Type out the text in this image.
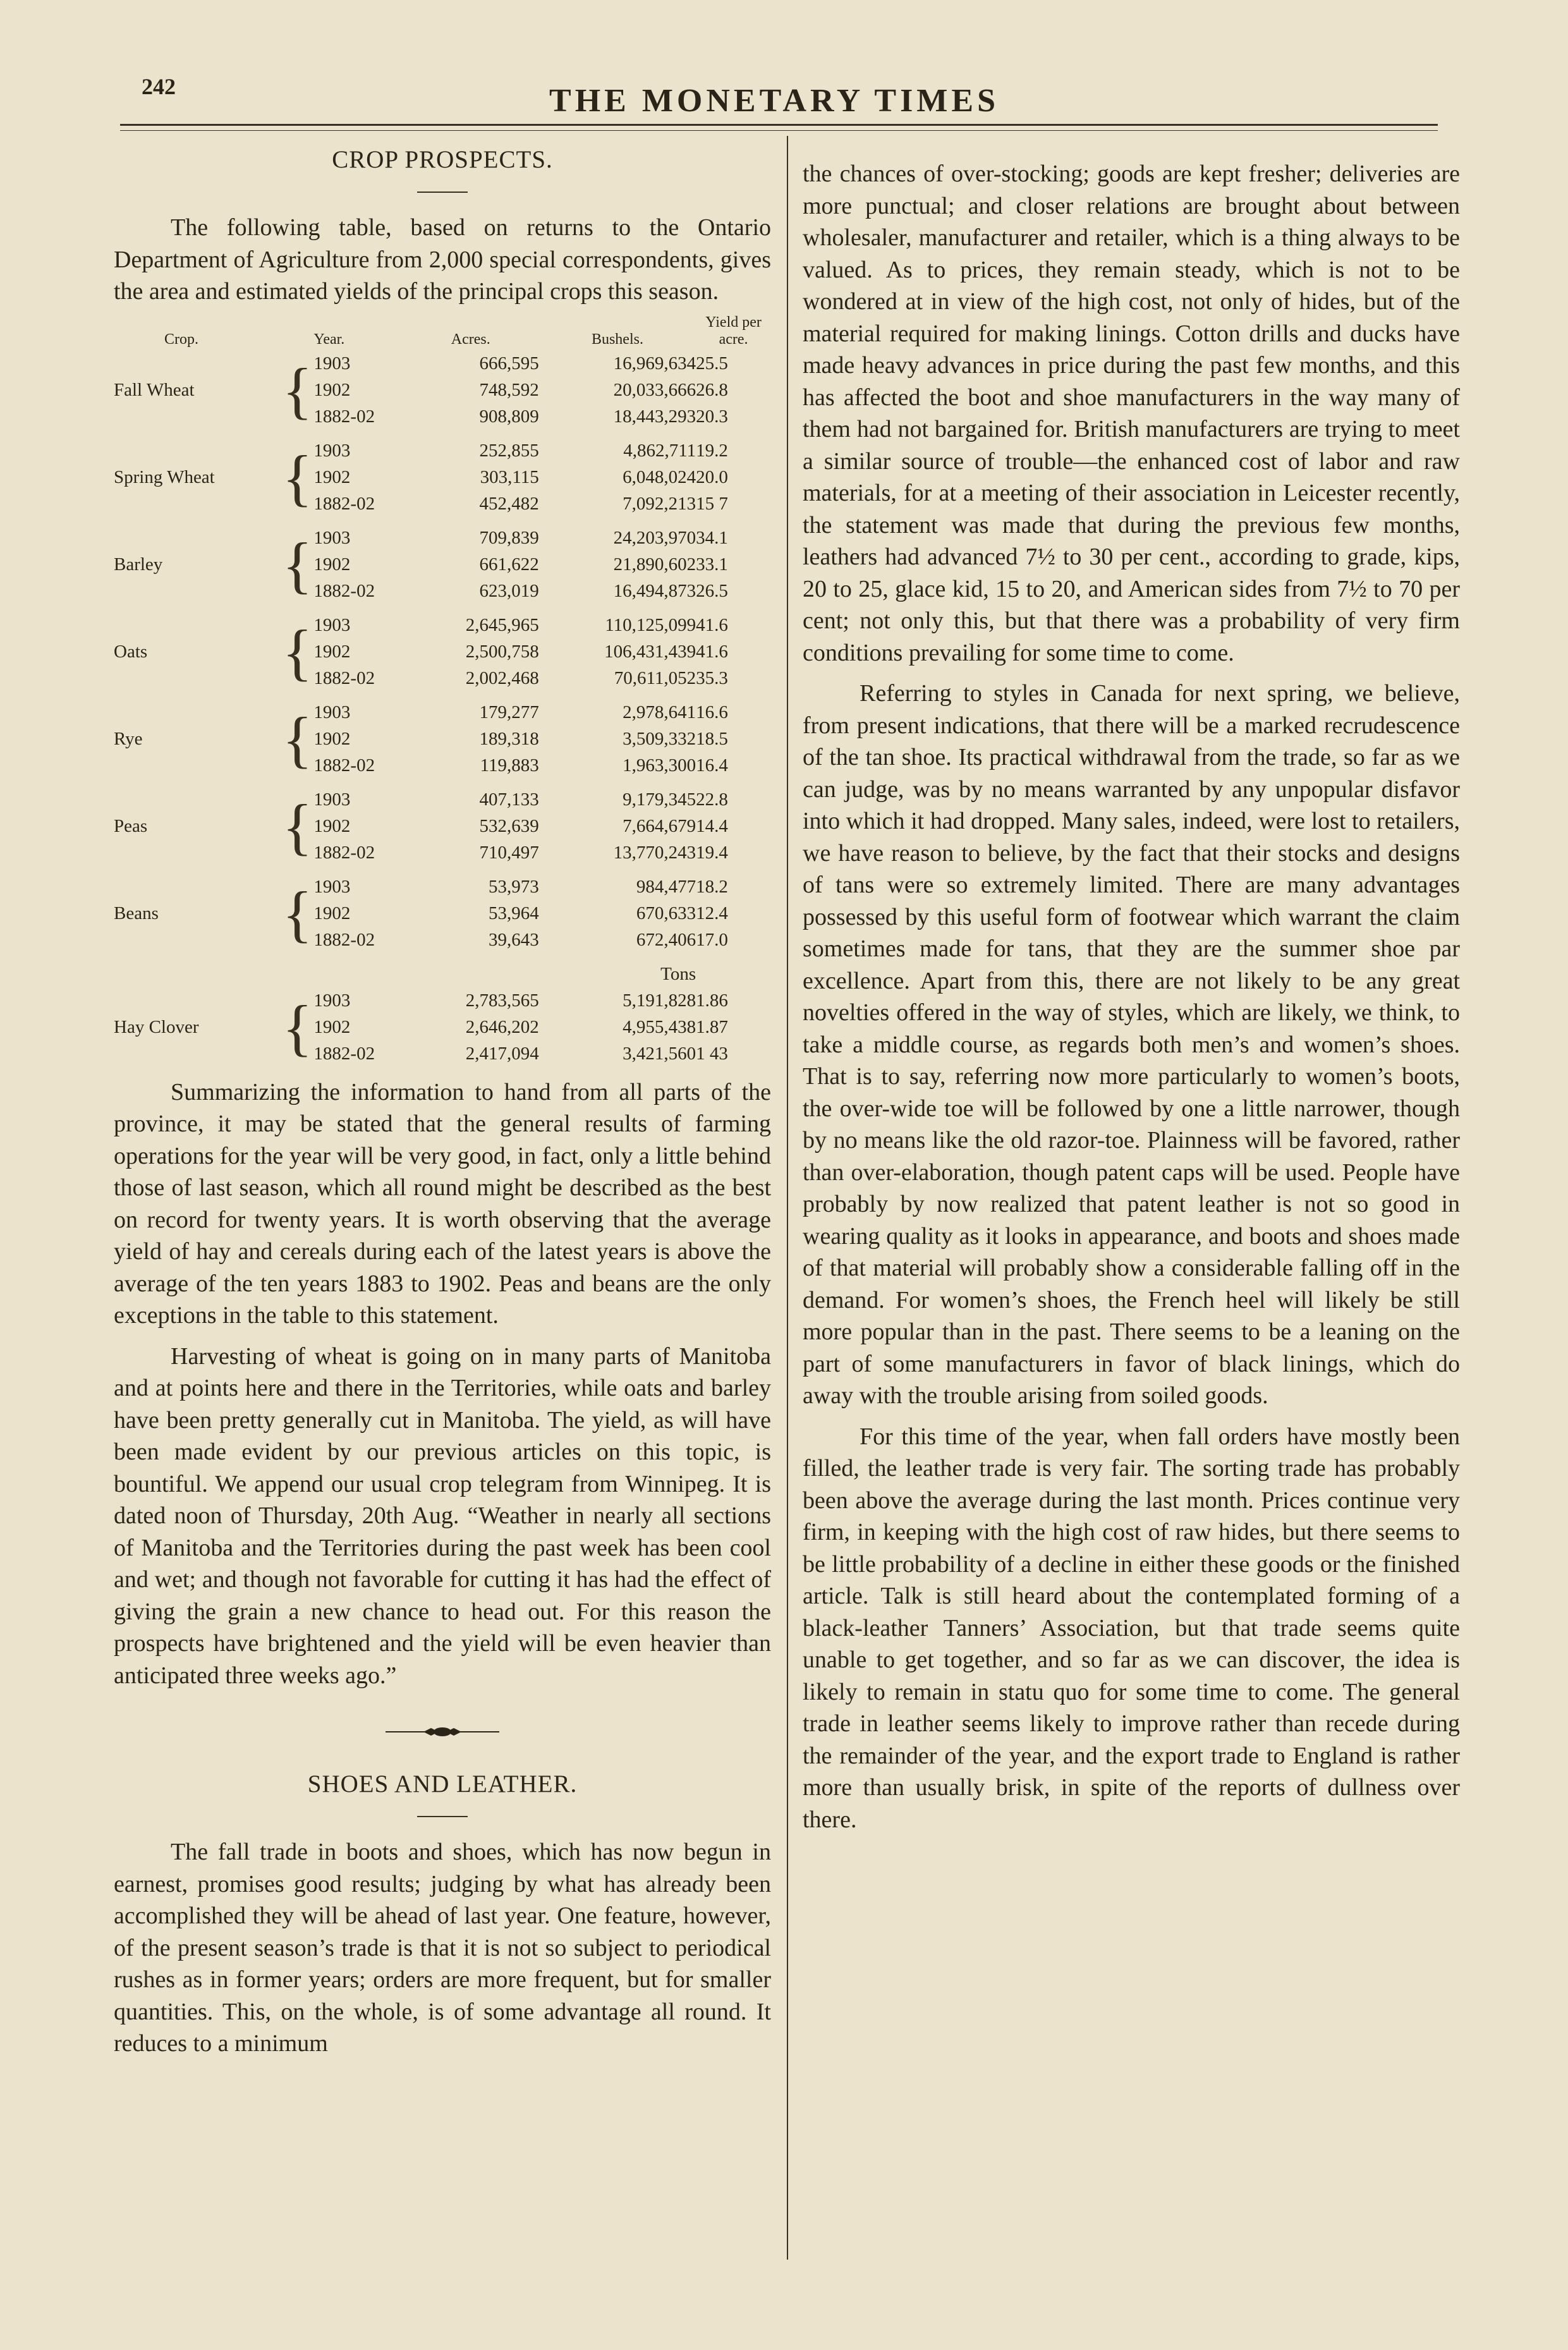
242	THE MONETARY TIMES
CROP PROSPECTS.

The following table, based on returns to the Ontario Department of Agriculture from 2,000 special correspondents, gives the area and estimated yields of the principal crops this season.

Crop.		Year.	Acres.	Bushels.	Yield per acre.
Fall Wheat	{	1903	666,595	16,969,634	25.5
		1902	748,592	20,033,666	26.8
		1882-02	908,809	18,443,293	20.3

Spring Wheat	{	1903	252,855	4,862,711	19.2
		1902	303,115	6,048,024	20.0
		1882-02	452,482	7,092,213	15 7

Barley	{	1903	709,839	24,203,970	34.1
		1902	661,622	21,890,602	33.1
		1882-02	623,019	16,494,873	26.5

Oats	{	1903	2,645,965	110,125,099	41.6
		1902	2,500,758	106,431,439	41.6
		1882-02	2,002,468	70,611,052	35.3

Rye	{	1903	179,277	2,978,641	16.6
		1902	189,318	3,509,332	18.5
		1882-02	119,883	1,963,300	16.4

Peas	{	1903	407,133	9,179,345	22.8
		1902	532,639	7,664,679	14.4
		1882-02	710,497	13,770,243	19.4

Beans	{	1903	53,973	984,477	18.2
		1902	53,964	670,633	12.4
		1882-02	39,643	672,406	17.0

				Tons	
Hay Clover	{	1903	2,783,565	5,191,828	1.86
		1902	2,646,202	4,955,438	1.87
		1882-02	2,417,094	3,421,560	1 43

Summarizing the information to hand from all parts of the province, it may be stated that the general results of farming operations for the year will be very good, in fact, only a little behind those of last season, which all round might be described as the best on record for twenty years. It is worth observing that the average yield of hay and cereals during each of the latest years is above the average of the ten years 1883 to 1902. Peas and beans are the only exceptions in the table to this statement.

Harvesting of wheat is going on in many parts of Manitoba and at points here and there in the Territories, while oats and barley have been pretty generally cut in Manitoba. The yield, as will have been made evident by our previous articles on this topic, is bountiful. We append our usual crop telegram from Winnipeg. It is dated noon of Thursday, 20th Aug. “Weather in nearly all sections of Manitoba and the Territories during the past week has been cool and wet; and though not favorable for cutting it has had the effect of giving the grain a new chance to head out. For this reason the prospects have brightened and the yield will be even heavier than anticipated three weeks ago.”

SHOES AND LEATHER.

The fall trade in boots and shoes, which has now begun in earnest, promises good results; judging by what has already been accomplished they will be ahead of last year. One feature, however, of the present season’s trade is that it is not so subject to periodical rushes as in former years; orders are more frequent, but for smaller quantities. This, on the whole, is of some advantage all round. It reduces to a minimum

the chances of over-stocking; goods are kept fresher; deliveries are more punctual; and closer relations are brought about between wholesaler, manufacturer and retailer, which is a thing always to be valued. As to prices, they remain steady, which is not to be wondered at in view of the high cost, not only of hides, but of the material required for making linings. Cotton drills and ducks have made heavy advances in price during the past few months, and this has affected the boot and shoe manufacturers in the way many of them had not bargained for. British manufacturers are trying to meet a similar source of trouble—the enhanced cost of labor and raw materials, for at a meeting of their association in Leicester recently, the statement was made that during the previous few months, leathers had advanced 7½ to 30 per cent., according to grade, kips, 20 to 25, glace kid, 15 to 20, and American sides from 7½ to 70 per cent; not only this, but that there was a probability of very firm conditions prevailing for some time to come.

Referring to styles in Canada for next spring, we believe, from present indications, that there will be a marked recrudescence of the tan shoe. Its practical withdrawal from the trade, so far as we can judge, was by no means warranted by any unpopular disfavor into which it had dropped. Many sales, indeed, were lost to retailers, we have reason to believe, by the fact that their stocks and designs of tans were so extremely limited. There are many advantages possessed by this useful form of footwear which warrant the claim sometimes made for tans, that they are the summer shoe par excellence. Apart from this, there are not likely to be any great novelties offered in the way of styles, which are likely, we think, to take a middle course, as regards both men’s and women’s shoes. That is to say, referring now more particularly to women’s boots, the over-wide toe will be followed by one a little narrower, though by no means like the old razor-toe. Plainness will be favored, rather than over-elaboration, though patent caps will be used. People have probably by now realized that patent leather is not so good in wearing quality as it looks in appearance, and boots and shoes made of that material will probably show a considerable falling off in the demand. For women’s shoes, the French heel will likely be still more popular than in the past. There seems to be a leaning on the part of some manufacturers in favor of black linings, which do away with the trouble arising from soiled goods.

For this time of the year, when fall orders have mostly been filled, the leather trade is very fair. The sorting trade has probably been above the average during the last month. Prices continue very firm, in keeping with the high cost of raw hides, but there seems to be little probability of a decline in either these goods or the finished article. Talk is still heard about the contemplated forming of a black-leather Tanners’ Association, but that trade seems quite unable to get together, and so far as we can discover, the idea is likely to remain in statu quo for some time to come. The general trade in leather seems likely to improve rather than recede during the remainder of the year, and the export trade to England is rather more than usually brisk, in spite of the reports of dullness over there.
